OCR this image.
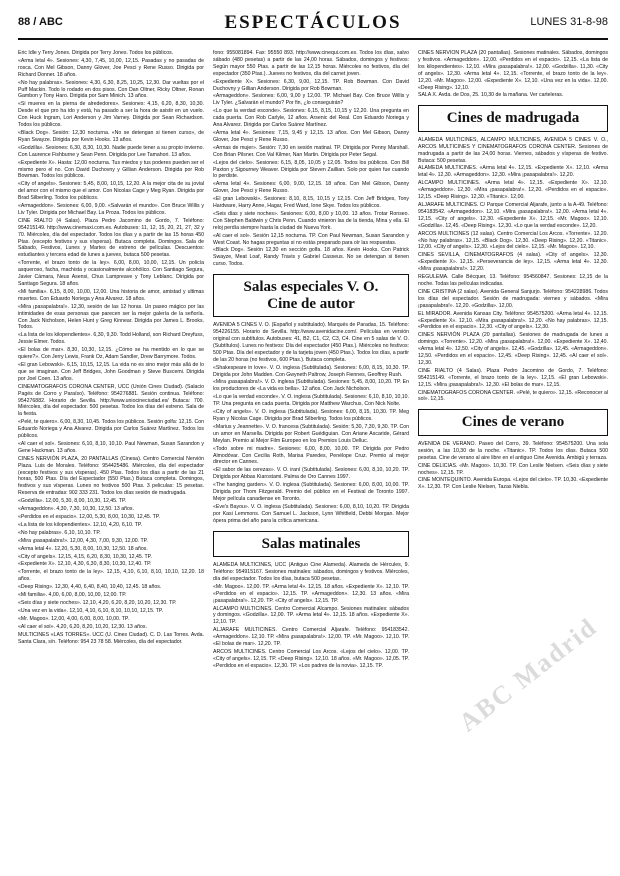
88 / ABC	ESPECTÁCULOS	LUNES 31-8-98

Eric Idle y Terry Jones. Dirigida por Terry Jones. Todos los públicos.

«Arma letal 4». Sesiones: 4,30, 7,45, 10,00, 12,15. Pasadas y no pasadas de rosca. Con Mel Gibson, Danny Glover, Joe Pesci y Rene Russo. Dirigida por Richard Donner. 18 años.

«No hay palabras». Sesiones: 4,30, 6,30, 8,25, 10,25, 12,30. Dar vueltas por el Puff Mackin. Todo lo rodado en dos pisos. Con Dan Oltner, Ricky Oltner, Ronan Gambon y Tony Haro. Dirigida por Sam Minich. 13 años.

«Si mueres en la pierna de alrededores». Sesiones: 4,15, 6,20, 8,30, 10,30. Desde el que pro ha ido y está, ha pasado a ser la hora de asistir en un vuelo. Con Huck Ingram, Lori Anderson y Jim Varney. Dirigida por Sean Richardson. Todos los públicos.

«Black Dog». Sesión: 12,30 nocturna. «No se detengan si tienen curso», de Ryan Swayze. Dirigida por Kevin Hooks. 13 años.

«Godzilla». Sesiones: 6,30, 8,30, 10,30. Nadie puede tener a su propio invierno. Con Laurence Fishburne y Sean Penn. Dirigida por Lee Tamahori. 13 años.

«Expediente X». Hasta: 12,00 nocturna. Tus miedos y tus poderes pueden ser el mismo pero el no. Con David Duchovny y Gillian Anderson. Dirigida por Rob Bowman. Todos los públicos.

«City of angels». Sesiones: 5,45, 8,00, 10,15, 12,20. A la mejor cita de su jovial del amor con el mismo que el amor. Con Nicolas Cage y Meg Ryan. Dirigida por Brad Silberling. Todos los públicos.

«Armageddon». Sesiones: 6,00, 9,00. «Salvarán el mundo». Con Bruce Willis y Liv Tyler. Dirigida por Michael Bay. La Proza. Todos los públicos.

CINE RIALTO (4 Salas). Plaza Pedro Jacomino de Gordo, 7. Teléfono: 954215149. http://www.cinemaxi.com.es. Autobuses: 11, 12, 15, 20, 21, 27, 32 y 70. Miércoles, día del espectador. Todos los días y a partir de las 15 horas 450 Ptas. (excepto festivos y sus vísperas). Butaca completa. Domingos. Sala de Sábado, Festivos, Lunes y Martes de estreno de películas. Descuentos: estudiantes y tercera edad de lunes a jueves, butaca 500 pesetas.

«Torrente, el brazo tonto de la ley». 6,00, 8,00, 10,00, 12,15. Un policía asqueroso, facha, machista y ocasionalmente alcohólico. Con Santiago Segura, Javier Cámara, Neus Asensi, Chus Lampreave y Tony Leblanc. Dirigida por Santiago Segura. 18 años.

«Mi familia». 6,15, 8,00, 10,00, 12,00. Una historia de amor, amistad y ultimas muertes. Con Eduardo Noriega y Ana Alvarez. 18 años.

«Mira ¡pasapalabra!». 12,30, sesión de las 12 horas. Un paseo mágico por las intimidades de esas personas que parecen ser la mejor galería de la señoría. Con Jack Nicholson, Helen Hunt y Greg Kinnear. Dirigida por James L. Brooks. Todos.

«La lista de los kilopendientes». 6,30, 9,30. Todd Holland, son Richard Dreyfuss, Jessie Elmer. Todos.

«El bolas de mar». 8,30, 10,30, 12,15. ¿Cómo se ha mentido en lo que se quiere?». Con Jerry Lewis, Frank Oz, Adam Sandler, Drew Barrymore. Todos.

«El gran Lebowski». 6,15, 10,15, 12,15. La vida no es sino mejor más allá de lo que se imaginan. Con Jeff Bridges, John Goodman y Steve Buscemi. Dirigida por Joel Coen. 13 años.

CINEMATOGRAFOS CORONA CENTER, UCC (Unión Cines Ciudad). (Salacio Pagés de Corro y Paraíso). Teléfono: 954276881. Sesión continua. Teléfono: 954276882. Horario de Sevilla. http://www.uniocineciudad.es/ Butaca: 700. Miércoles, día del espectador. 500 pesetas. Todos los días del estreno. Sala de la fiesta.

«Pelé, te quiero». 6,00, 8,30, 10,45. Todos los públicos. Sesión golfa: 12,15. Con Eduardo Noriega y Ana Alvarez. Dirigida por Carlos Suárez Martínez. Todos los públicos.

«Al caer el sol». Sesiones: 6,10, 8,10, 10,10. Paul Newman, Susan Sarandon y Gene Hackman. 13 años.

CINES NERVIÓN PLAZA, 20 PANTALLAS (Cinesa). Centro Comercial Nervión Plaza. Luis de Morales. Teléfono: 954425486. Miércoles, día del espectador (excepto festivos y sus vísperas). 450 Ptas. Todos los días a partir de las 21 horas, 500 Ptas. Día del Espectador (550 Ptas.) Butaca completa. Domingos, festivos y sus vísperas. Lunes no festivos 500 Ptas. 3 peliculas: 15 pesetas. Reserva de entradas: 902 333 231. Todos los días sesión de madrugada.

«Godzilla». 12,00, 5,30, 8,00, 10,30, 12,45. TP.

«Armageddon». 4,30, 7,30, 10,30, 12,50. 13 años.

«Perdidos en el espacio». 12,00, 5,30, 8,00, 10,30, 12,45. TP.

«La lista de los kilopendientes». 12,10, 4,20, 6,10. TP.

«No hay palabras». 6,10, 10,10. TP.

«Mira ¡pasapalabra!». 12,00, 4,30, 7,00, 9,30, 12,00. TP.

«Arma letal 4». 12,20, 5,30, 8,00, 10,30, 12,50. 18 años.

«City of angels». 12,15, 4,15, 6,20, 8,30, 10,30, 12,45. TP.

«Expediente X». 12,10, 4,30, 6,30, 8,30, 10,30, 12,40. TP.

«Torrente, el brazo tonto de la ley». 12,15, 4,10, 6,10, 8,10, 10,10, 12,20. 18 años.

«Deep Rising». 12,30, 4,40, 6,40, 8,40, 10,40, 12,45. 18 años.

«Mi familia». 4,00, 6,00, 8,00, 10,00, 12,00. TP.

«Seis días y siete noches». 12,10, 4,20, 6,20, 8,20, 10,20, 12,30. TP.

«Una vez en la vida». 12,10, 4,10, 6,10, 8,10, 10,10, 12,15. TP.

«Mr. Magoo». 12,00, 4,00, 6,00, 8,00, 10,00. TP.

«Al caer el sol». 4,20, 6,20, 8,20, 10,20, 12,30. 13 años.

MULTICINES «LAS TORRES». UCC (U. Cines Ciudad). C. D. Las Torres. Avda. Santa Clara, s/n. Teléfono: 954 23 78 58. Miércoles, día del espectador.

fono: 955081894. Fax: 95550 893. http://www.cinequi.com.es. Todos los días, salvo sábado (480 pesetas) a partir de las 24,00 horas. Sábados, domingos y festivos: Según mayor 550 Ptas. a partir de las 12,15 horas. Miércoles no festivos, día del espectador (350 Ptas.). Jueves no festivos, día del carnet joven.

«Expediente X». Sesiones: 6,30, 9,00, 12,15. TP. Rob Bowman. Con David Duchovny y Gillian Anderson. Dirigida por Rob Bowman.

«Armageddon». Sesiones: 6,00, 9,00 y 12,00. TP. Michael Bay. Con Bruce Willis y Liv Tyler. ¿Salvarán el mundo? Por fin, ¿lo conseguirán?

«Lo que la verdad esconde». Sesiones: 6,15, 8,15, 10,15 y 12,20. Una pregunta en cada puerta. Con Rob Carlyle, 12 años. Arsenic del Real. Con Eduardo Noriega y Ana Alvarez. Dirigida por Carlos Suárez Martínez.

«Arma letal 4». Sesiones: 7,15, 9,45 y 12,15. 13 años. Con Mel Gibson, Danny Glover, Joe Pesci y Rene Russo.

«Armas de mujer». Sesión: 7,30 en sesión matinal. TP. Dirigida por Penny Marshall. Con Brian Pilsner. Con Val Kilmer, Nan Martin. Dirigida por Peter Segal.

«Lejos del cielo». Sesiones: 6,15, 8,05, 10,05 y 12,05. Todos los públicos. Con Bill Paxton y Sigourney Weaver. Dirigida por Steven Zaillian. Solo por quien fue cuando lo perdiste.

«Arma letal 4». Sesiones: 6,00, 9,00, 12,15. 18 años. Con Mel Gibson, Danny Glover, Joe Pesci y Rene Russo.

«El gran Lebowski». Sesiones: 8,10, 8,15, 10,15 y 12,15. Con Jeff Bridges, Tony Hardware, Harry Anne, Hagar, Fred Ward, Ione Skye. Todos los públicos.

«Seis días y siete noches». Sesiones: 6,00, 8,00 y 10,00. 13 años. Trotar Ronseo. Con Stephen Baldwin y Chris Penn. Cuando vinieron las de la tienda, Mina y ella. El reloj perdía siempre hasta la ciudad de Nueva York.

«Al caer el sol». Sesión 12,15 nocturna. TP. Con Paul Newman, Susan Sarandon y West Coast. No hagas preguntas si no estás preparado para oír las respuestas.

«Black Dog». Sesión 12,30 en sección golfa. 18 años. Kevin Hooks. Con Patrick Swayze, Meat Loaf, Randy Travis y Gabriel Casseus. No se detengan si tienen curso. Todos.

Salas especiales V. O.
Cine de autor

AVENIDA 5 CINES V. O. (Español y subtitulado). Marqués de Paradas, 15. Teléfono: 954226155. Horario de Sevilla. http://www.avenidacine.com/. Películas en versión original con subtítulos. Autobuses: 41, B2, C1, C2, C3, C4. Cine en 5 salas de V. O. (Subtítulos). Lunes no festivos: Día del espectador (450 Ptas.). Miércoles no festivos: 500 Ptas. Día del espectador y de la tarjeta joven (450 Ptas.). Todos los días, a partir de las 20 horas (no festivos, 600 Ptas.). Butaca completa.

«Shakespeare in love». V. O. inglesa (Subtitulada). Sesiones: 6,00, 8,15, 10,30. TP. Dirigida por John Madden. Con Gwyneth Paltrow, Joseph Fiennes, Geoffrey Rush.

«Mira ¡pasapalabra!». V. O. inglesa (Subtitulada). Sesiones: 5,45, 8,00, 10,20. TP. En los productores de «La vida es bella». 12 años. Con Jack Nicholson.

«Lo que la verdad esconde». V. O. inglesa (Subtitulada). Sesiones: 6,10, 8,10, 10,10. TP. Una pregunta en cada puerta. Dirigida por Matthew Warchus. Con Nick Nolte.

«City of angels». V. O. inglesa (Subtitulada). Sesiones: 6,00, 8,15, 10,30. TP. Meg Ryan y Nicolas Cage. Dirigida por Brad Silberling. Todos los públicos.

«Marius y Jeannette». V. O. francesa (Subtitulada). Sesión: 5,30, 7,30, 9,30. TP. Con un amor en Marsella. Dirigida por Robert Guédiguian. Con Ariane Ascaride, Gérard Meylan. Premio al Mejor Film Europeo en los Premios Louis Delluc.

«Todo sobre mi madre». Sesiones: 6,00, 8,00, 10,00. TP. Dirigida por Pedro Almodóvar. Con Cecilia Roth, Marisa Paredes, Penélope Cruz. Premio al mejor director en Cannes.

«El sabor de las cerezas». V. O. iraní (Subtitulada). Sesiones: 6,00, 8,10, 10,20. TP. Dirigida por Abbas Kiarostami. Palma de Oro Cannes 1997.

«The hanging garden». V. O. inglesa (Subtitulada). Sesiones: 6,00, 8,00, 10,00. TP. Dirigida por Thom Fitzgerald. Premio del público en el Festival de Toronto 1997. Mejor película canadiense en Toronto.

«Eve's Bayou». V. O. inglesa (Subtitulada). Sesiones: 6,00, 8,10, 10,20. TP. Dirigida por Kasi Lemmons. Con Samuel L. Jackson, Lynn Whitfield, Debbi Morgan. Mejor ópera prima del año para la crítica americana.

Salas matinales

ALAMEDA MULTICINES, UCC (Antiguo Cine Alameda). Alameda de Hércules, 9. Teléfono: 954915167. Sesiones matinales: sábados, domingos y festivos. Miércoles, día del espectador. Todos los días, butaca 500 pesetas.

«Mr. Magoo». 12,00. TP. «Arma letal 4». 12,15. 18 años. «Expediente X». 12,10. TP. «Perdidos en el espacio». 12,15. TP. «Armageddon». 12,30. 13 años. «Mira ¡pasapalabra!». 12,20. TP. «City of angels». 12,15. TP.

ALCAMPO MULTICINES. Centro Comercial Alcampo. Sesiones matinales: sábados y domingos. «Godzilla». 12,00. TP. «Arma letal 4». 12,15. 18 años. «Expediente X». 12,10. TP.

ALJARAFE MULTICINES. Centro Comercial Aljarafe. Teléfono: 954183542. «Armageddon». 12,10. TP. «Mira ¡pasapalabra!». 12,00. TP. «Mr. Magoo». 12,10. TP. «El bolas de mar». 12,20. TP.

ARCOS MULTICINES. Centro Comercial Los Arcos. «Lejos del cielo». 12,00. TP. «City of angels». 12,15. TP. «Deep Rising». 12,10. 18 años. «Mr. Magoo». 12,05. TP. «Perdidos en el espacio». 12,30. TP. «Los padres de la novia». 12,15. TP.

CINES NERVIÓN PLAZA (20 pantallas). Sesiones matinales. Sábados, domingos y festivos. «Armageddon». 12,00. «Perdidos en el espacio». 12,15. «La lista de los kilopendientes». 12,10. «Mira ¡pasapalabra!». 12,00. «Godzilla». 11,30. «City of angels». 12,30. «Arma letal 4». 12,15. «Torrente, el brazo tonto de la ley». 12,20. «Mr. Magoo». 12,00. «Expediente X». 12,10. «Una vez en la vida». 12,00. «Deep Rising». 12,10.

SALA X. Avda. de Dos, 25. 10,30 de la mañana. Ver carteleras.

Cines de madrugada

ALAMEDA MULTICINES, ALCAMPO MULTICINES, AVENIDA 5 CINES V. O., ARCOS MULTICINES Y CINEMATOGRAFOS CORONA CENTER. Sesiones de madrugada a partir de las 24,00 horas. Viernes, sábados y vísperas de festivo. Butaca: 500 pesetas.

ALAMEDA MULTICINES. «Arma letal 4». 12,15. «Expediente X». 12,10. «Arma letal 4». 12,30. «Armageddon». 12,30. «Mira ¡pasapalabra!». 12,20.

ALCAMPO MULTICINES. «Arma letal 4». 12,15. «Expediente X». 12,10. «Armageddon». 12,30. «Mira ¡pasapalabra!». 12,20. «Perdidos en el espacio». 12,15. «Deep Rising». 12,30. «Titanic». 12,00.

ALJARAFE MULTICINES. C/ Parque Comercial Aljarafe, junto a la A-49. Teléfono: 954183542. «Armageddon». 12,10. «Mira ¡pasapalabra!». 12,00. «Arma letal 4». 12,15. «City of angels». 12,30. «Expediente X». 12,15. «Mr. Magoo». 12,10. «Godzilla». 12,45. «Deep Rising». 12,30. «Lo que la verdad esconde». 12,20.

ARCOS MULTICINES (12 salas). Centro Comercial Los Arcos. «Torrente». 12,20. «No hay palabras». 12,15. «Black Dog». 12,30. «Deep Rising». 12,20. «Titanic». 12,00. «City of angels». 12,30. «Lejos del cielo». 12,15. «Mr. Magoo». 12,10.

CINES SEVILLA, CINEMATOGRAFOS (4 salas). «City of angels». 12,30. «Expediente X». 12,15. «Perseverancia de ley». 12,15. «Arma letal 4». 12,30. «Mira ¡pasapalabra!». 12,20.

REGULEMA. Calle Bécquer, 13. Teléfono: 954560847. Sesiones: 12,15 de la noche. Todas las películas indicadas.

CINE CRISTINA (2 salas). Avenida General Sanjurjo. Teléfono: 954228986. Todos los días del espectador. Sesión de madrugada: viernes y sábados. «Mira ¡pasapalabra!». 12,20. «Godzilla». 12,00.

EL MIRADOR. Avenida Kansas City. Teléfono: 954575200. «Arma letal 4». 12,15. «Expediente X». 12,10. «Mira ¡pasapalabra!». 12,20. «No hay palabras». 12,15. «Perdidos en el espacio». 12,30. «City of angels». 12,30.

CINES NERVIÓN PLAZA (20 pantallas). Sesiones de madrugada de lunes a domingo. «Torrente». 12,20. «Mira ¡pasapalabra!». 12,00. «Expediente X». 12,40. «Arma letal 4». 12,50. «City of angels». 12,45. «Godzilla». 12,45. «Armageddon». 12,50. «Perdidos en el espacio». 12,45. «Deep Rising». 12,45. «Al caer el sol». 12,30.

CINE RIALTO (4 Salas). Plaza Pedro Jacomino de Gordo, 7. Teléfono: 954215149. «Torrente, el brazo tonto de la ley». 12,15. «El gran Lebowski». 12,15. «Mira ¡pasapalabra!». 12,30. «El bolas de mar». 12,15.

CINEMATOGRAFOS CORONA CENTER. «Pelé, te quiero». 12,15. «Reconocer al sol». 12,15.

Cines de verano

AVENIDA DE VERANO. Paseo del Corro, 39. Teléfono: 954575200. Una sola sesión, a las 10,30 de la noche. «Titanic». TP. Todos los días. Butaca 500 pesetas. Cine de verano al aire libre en el antiguo Cine Avenida. Ambigú y terraza.

CINE DELICIAS. «Mr. Magoo». 10,30. TP. Con Leslie Nielsen. «Seis días y siete noches». 12,15. TP.

CINE MONTEQUINTO. Avenida Europa. «Lejos del cielo». TP. 10,30. «Expediente X». 12,30. TP. Con Leslie Nielsen, Tazas Niebla.

ABC Madrid
